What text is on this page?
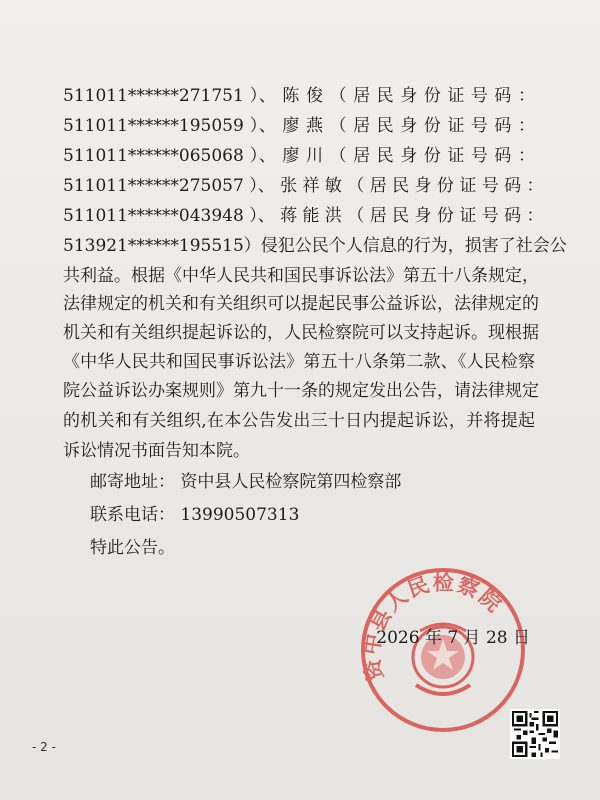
511011******271751 ）、 陈 俊 （ 居 民 身 份 证 号 码 ：
511011******195059 ）、 廖 燕 （ 居 民 身 份 证 号 码 ：
511011******065068 ）、 廖 川 （ 居 民 身 份 证 号 码 ：
511011******275057 ）、 张 祥 敏 （ 居 民 身 份 证 号 码 ：
511011******043948 ）、 蒋 能 洪 （ 居 民 身 份 证 号 码 ：
513921******195515）侵犯公民个人信息的行为，损害了社会公
共利益。根据《中华人民共和国民事诉讼法》第五十八条规定，
法律规定的机关和有关组织可以提起民事公益诉讼，法律规定的
机关和有关组织提起诉讼的，人民检察院可以支持起诉。现根据
《中华人民共和国民事诉讼法》第五十八条第二款、《人民检察
院公益诉讼办案规则》第九十一条的规定发出公告，请法律规定
的机关和有关组织,在本公告发出三十日内提起诉讼，并将提起
诉讼情况书面告知本院。
邮寄地址： 资中县人民检察院第四检察部
联系电话： 13990507313
特此公告。
资中县人民检察院
2026 年 7 月 28 日
- 2 -
